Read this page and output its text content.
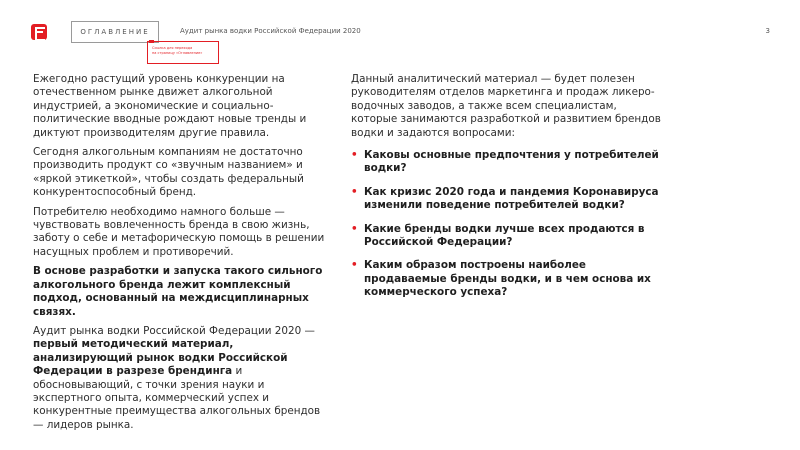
ОГЛАВЛЕНИЕ
Ссылка для перехода
на страницу «Оглавление»
Аудит рынка водки Российской Федерации 2020	3

Ежегодно растущий уровень конкуренции на отечественном рынке движет алкогольной индустрией, а экономические и социально-политические вводные рождают новые тренды и диктуют производителям другие правила.

Сегодня алкогольным компаниям не достаточно производить продукт со «звучным названием» и «яркой этикеткой», чтобы создать федеральный конкурентоспособный бренд.

Потребителю необходимо намного больше — чувствовать вовлеченность бренда в свою жизнь, заботу о себе и метафорическую помощь в решении насущных проблем и противоречий.

В основе разработки и запуска такого сильного алкогольного бренда лежит комплексный подход, основанный на междисциплинарных связях.

Аудит рынка водки Российской Федерации 2020 — первый методический материал, анализирующий рынок водки Российской Федерации в разрезе брендинга и обосновывающий, с точки зрения науки и экспертного опыта, коммерческий успех и конкурентные преимущества алкогольных брендов — лидеров рынка.

Данный аналитический материал — будет полезен руководителям отделов маркетинга и продаж ликеро-водочных заводов, а также всем специалистам, которые занимаются разработкой и развитием брендов водки и задаются вопросами:

• Каковы основные предпочтения у потребителей водки?
• Как кризис 2020 года и пандемия Коронавируса изменили поведение потребителей водки?
• Какие бренды водки лучше всех продаются в Российской Федерации?
• Каким образом построены наиболее продаваемые бренды водки, и в чем основа их коммерческого успеха?
